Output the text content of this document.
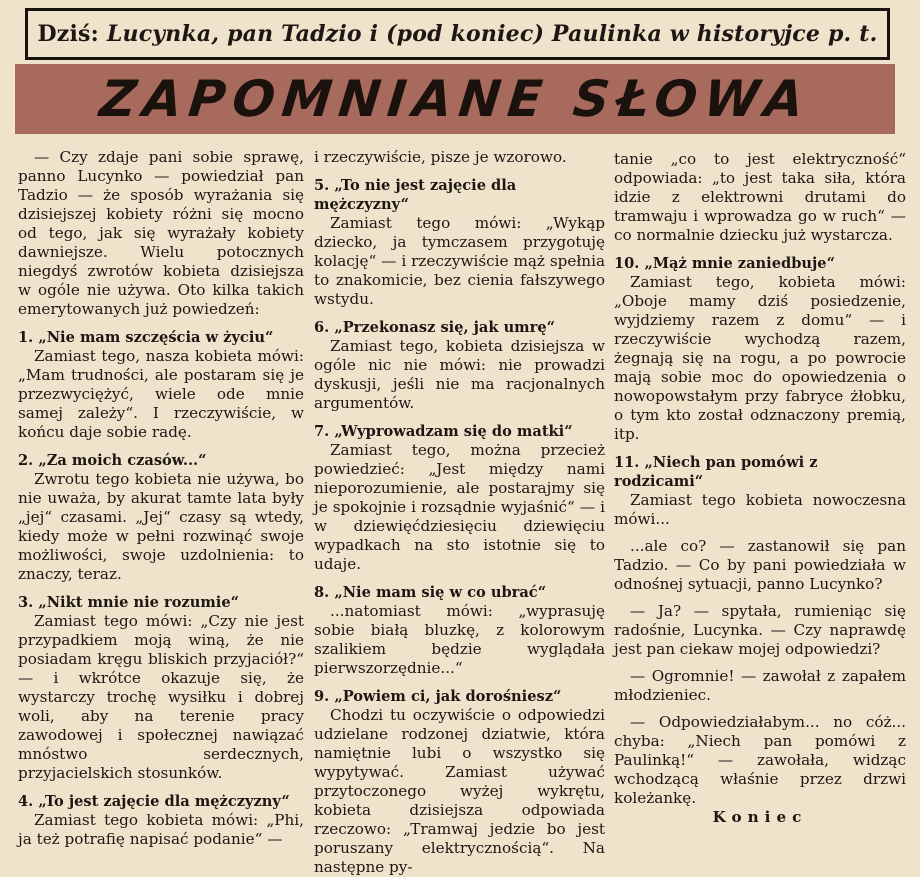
Dziś:
Lucynka, pan Tadzio i (pod koniec) Paulinka w historyjce p. t.
ZAPOMNIANE SŁOWA

— Czy zdaje pani sobie sprawę, panno Lucynko — powiedział pan Tadzio — że sposób wyrażania się dzisiejszej kobiety różni się mocno od tego, jak się wyrażały kobiety dawniejsze. Wielu potocznych niegdyś zwrotów kobieta dzisiejsza w ogóle nie używa. Oto kilka takich emerytowanych już powiedzeń:

1. „Nie mam szczęścia w życiu“

Zamiast tego, nasza kobieta mówi: „Mam trudności, ale postaram się je przezwyciężyć, wiele ode mnie samej zależy“. I rzeczywiście, w końcu daje sobie radę.

2. „Za moich czasów...“

Zwrotu tego kobieta nie używa, bo nie uważa, by akurat tamte lata były „jej“ czasami. „Jej“ czasy są wtedy, kiedy może w pełni rozwinąć swoje możliwości, swoje uzdolnienia: to znaczy, teraz.

3. „Nikt mnie nie rozumie“

Zamiast tego mówi: „Czy nie jest przypadkiem moją winą, że nie posiadam kręgu bliskich przyjaciół?“ — i wkrótce okazuje się, że wystarczy trochę wysiłku i dobrej woli, aby na terenie pracy zawodowej i społecznej nawiązać mnóstwo serdecznych, przyjacielskich stosunków.

4. „To jest zajęcie dla mężczyzny“

Zamiast tego kobieta mówi: „Phi, ja też potrafię napisać podanie“ —

i rzeczywiście, pisze je wzorowo.

5. „To nie jest zajęcie dla mężczyzny“

Zamiast tego mówi: „Wykąp dziecko, ja tymczasem przygotuję kolację“ — i rzeczywiście mąż spełnia to znakomicie, bez cienia fałszywego wstydu.

6. „Przekonasz się, jak umrę“

Zamiast tego, kobieta dzisiejsza w ogóle nic nie mówi: nie prowadzi dyskusji, jeśli nie ma racjonalnych argumentów.

7. „Wyprowadzam się do matki“

Zamiast tego, można przecież powiedzieć: „Jest między nami nieporozumienie, ale postarajmy się je spokojnie i rozsądnie wyjaśnić“ — i w dziewięćdziesięciu dziewięciu wypadkach na sto istotnie się to udaje.

8. „Nie mam się w co ubrać“

...natomiast mówi: „wyprasuję sobie białą bluzkę, z kolorowym szalikiem będzie wyglądała pierwszorzędnie...“

9. „Powiem ci, jak dorośniesz“

Chodzi tu oczywiście o odpowiedzi udzielane rodzonej dziatwie, która namiętnie lubi o wszystko się wypytywać. Zamiast używać przytoczonego wyżej wykrętu, kobieta dzisiejsza odpowiada rzeczowo: „Tramwaj jedzie bo jest poruszany elektrycznością“. Na następne py-

tanie „co to jest elektryczność“ odpowiada: „to jest taka siła, która idzie z elektrowni drutami do tramwaju i wprowadza go w ruch“ — co normalnie dziecku już wystarcza.

10. „Mąż mnie zaniedbuje“

Zamiast tego, kobieta mówi: „Oboje mamy dziś posiedzenie, wyjdziemy razem z domu“ — i rzeczywiście wychodzą razem, żegnają się na rogu, a po powrocie mają sobie moc do opowiedzenia o nowopowstałym przy fabryce żłobku, o tym kto został odznaczony premią, itp.

11. „Niech pan pomówi z rodzicami“

Zamiast tego kobieta nowoczesna mówi...

...ale co? — zastanowił się pan Tadzio. — Co by pani powiedziała w odnośnej sytuacji, panno Lucynko?

— Ja? — spytała, rumieniąc się radośnie, Lucynka. — Czy naprawdę jest pan ciekaw mojej odpowiedzi?

— Ogromnie! — zawołał z zapałem młodzieniec.

— Odpowiedziałabym... no cóż... chyba: „Niech pan pomówi z Paulinką!“ — zawołała, widząc wchodzącą właśnie przez drzwi koleżankę.

Koniec
